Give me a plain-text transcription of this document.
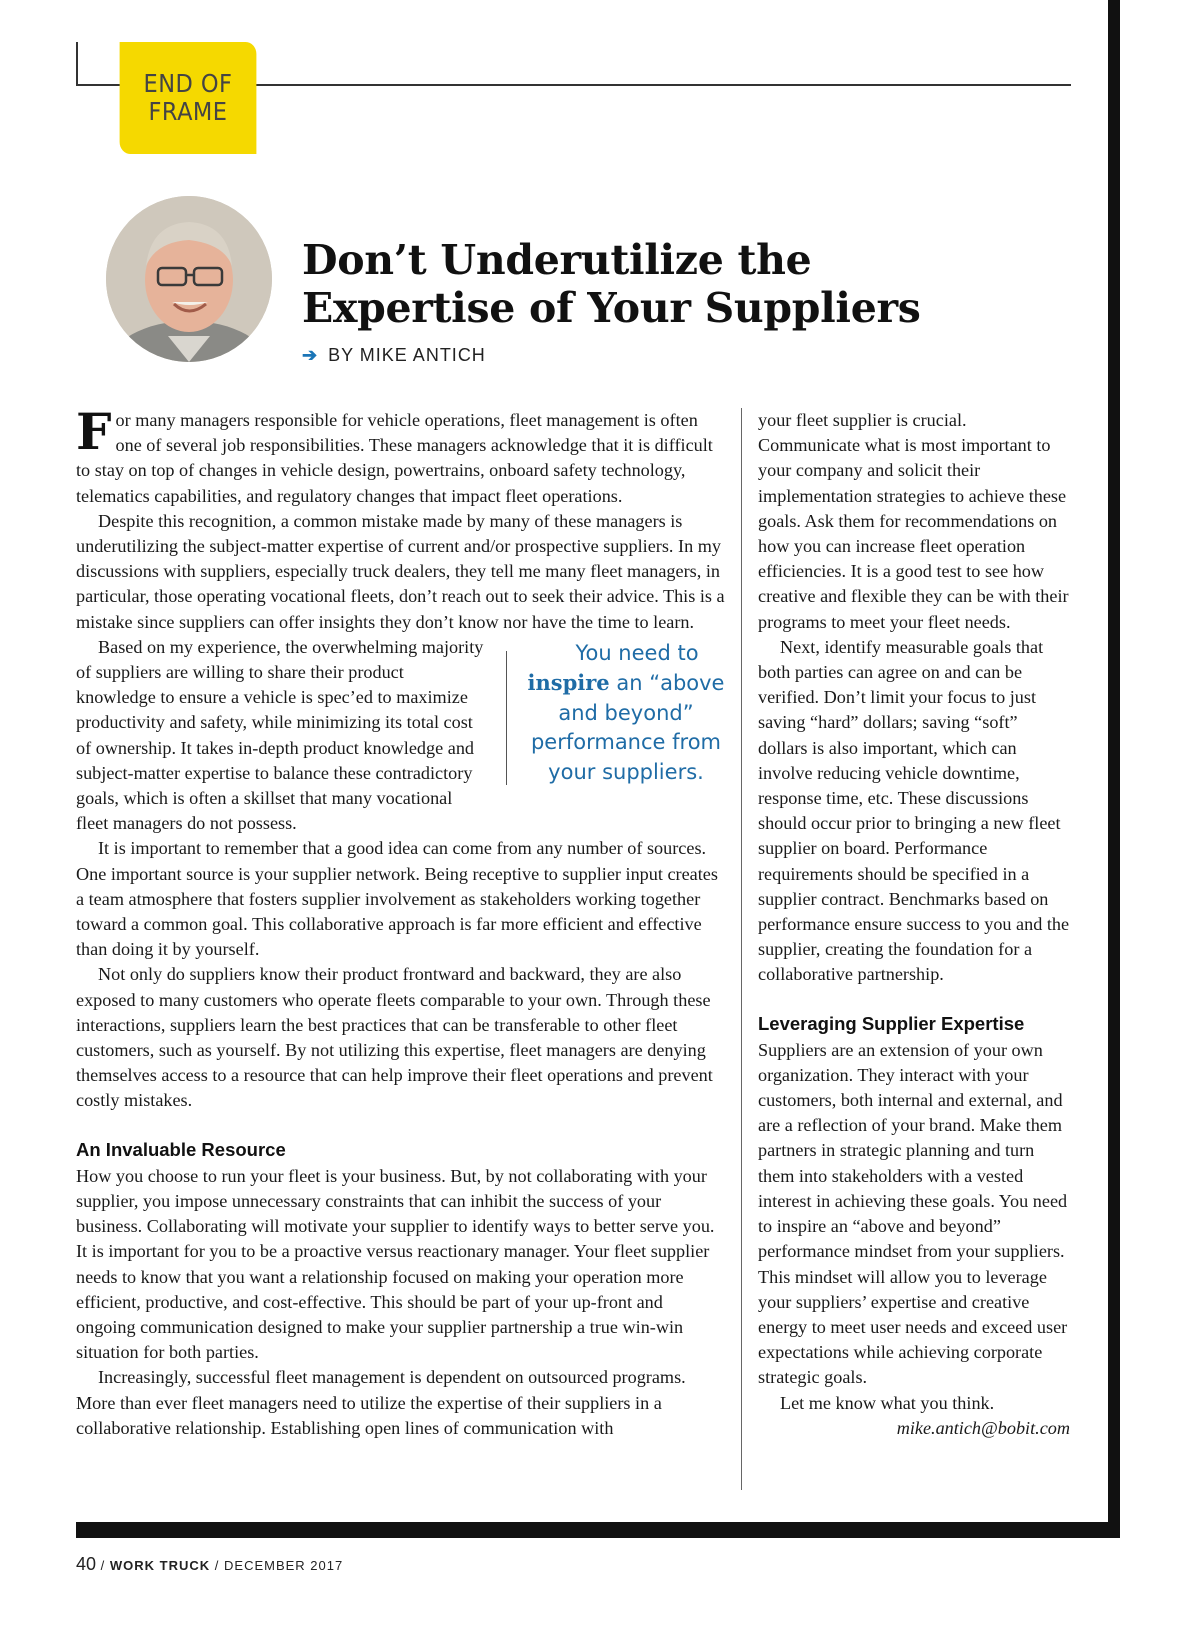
END OF
FRAME
Don’t Underutilize the
Expertise of Your Suppliers
➔ BY MIKE ANTICH

For many managers responsible for vehicle operations, fleet management is often one of several job responsibilities. These managers acknowledge that it is difficult to stay on top of changes in vehicle design, powertrains, onboard safety technology, telematics capabilities, and regulatory changes that impact fleet operations.

Despite this recognition, a common mistake made by many of these managers is underutilizing the subject-matter expertise of current and/or prospective suppliers. In my discussions with suppliers, especially truck dealers, they tell me many fleet managers, in particular, those operating vocational fleets, don’t reach out to seek their advice. This is a mistake since suppliers can offer insights they don’t know nor have the time to learn.

You need to inspire an “above and beyond” performance from your suppliers.
Based on my experience, the overwhelming majority of suppliers are willing to share their product knowledge to ensure a vehicle is spec’ed to maximize productivity and safety, while minimizing its total cost of ownership. It takes in-depth product knowledge and subject-matter expertise to balance these contradictory goals, which is often a skillset that many vocational fleet managers do not possess.

It is important to remember that a good idea can come from any number of sources. One important source is your supplier network. Being receptive to supplier input creates a team atmosphere that fosters supplier involvement as stakeholders working together toward a common goal. This collaborative approach is far more efficient and effective than doing it by yourself.

Not only do suppliers know their product frontward and backward, they are also exposed to many customers who operate fleets comparable to your own. Through these interactions, suppliers learn the best practices that can be transferable to other fleet customers, such as yourself. By not utilizing this expertise, fleet managers are denying themselves access to a resource that can help improve their fleet operations and prevent costly mistakes.

An Invaluable Resource

How you choose to run your fleet is your business. But, by not collaborating with your supplier, you impose unnecessary constraints that can inhibit the success of your business. Collaborating will motivate your supplier to identify ways to better serve you. It is important for you to be a proactive versus reactionary manager. Your fleet supplier needs to know that you want a relationship focused on making your operation more efficient, productive, and cost-effective. This should be part of your up-front and ongoing communication designed to make your supplier partnership a true win-win situation for both parties.

Increasingly, successful fleet management is dependent on outsourced programs. More than ever fleet managers need to utilize the expertise of their suppliers in a collaborative relationship. Establishing open lines of communication with

your fleet supplier is crucial. Communicate what is most important to your company and solicit their implementation strategies to achieve these goals. Ask them for recommendations on how you can increase fleet operation efficiencies. It is a good test to see how creative and flexible they can be with their programs to meet your fleet needs.

Next, identify measurable goals that both parties can agree on and can be verified. Don’t limit your focus to just saving “hard” dollars; saving “soft” dollars is also important, which can involve reducing vehicle downtime, response time, etc. These discussions should occur prior to bringing a new fleet supplier on board. Performance requirements should be specified in a supplier contract. Benchmarks based on performance ensure success to you and the supplier, creating the foundation for a collaborative partnership.

Leveraging Supplier Expertise

Suppliers are an extension of your own organization. They interact with your customers, both internal and external, and are a reflection of your brand. Make them partners in strategic planning and turn them into stakeholders with a vested interest in achieving these goals. You need to inspire an “above and beyond” performance mindset from your suppliers. This mindset will allow you to leverage your suppliers’ expertise and creative energy to meet user needs and exceed user expectations while achieving corporate strategic goals.

Let me know what you think.

mike.antich@bobit.com

40 / WORK TRUCK / DECEMBER 2017
